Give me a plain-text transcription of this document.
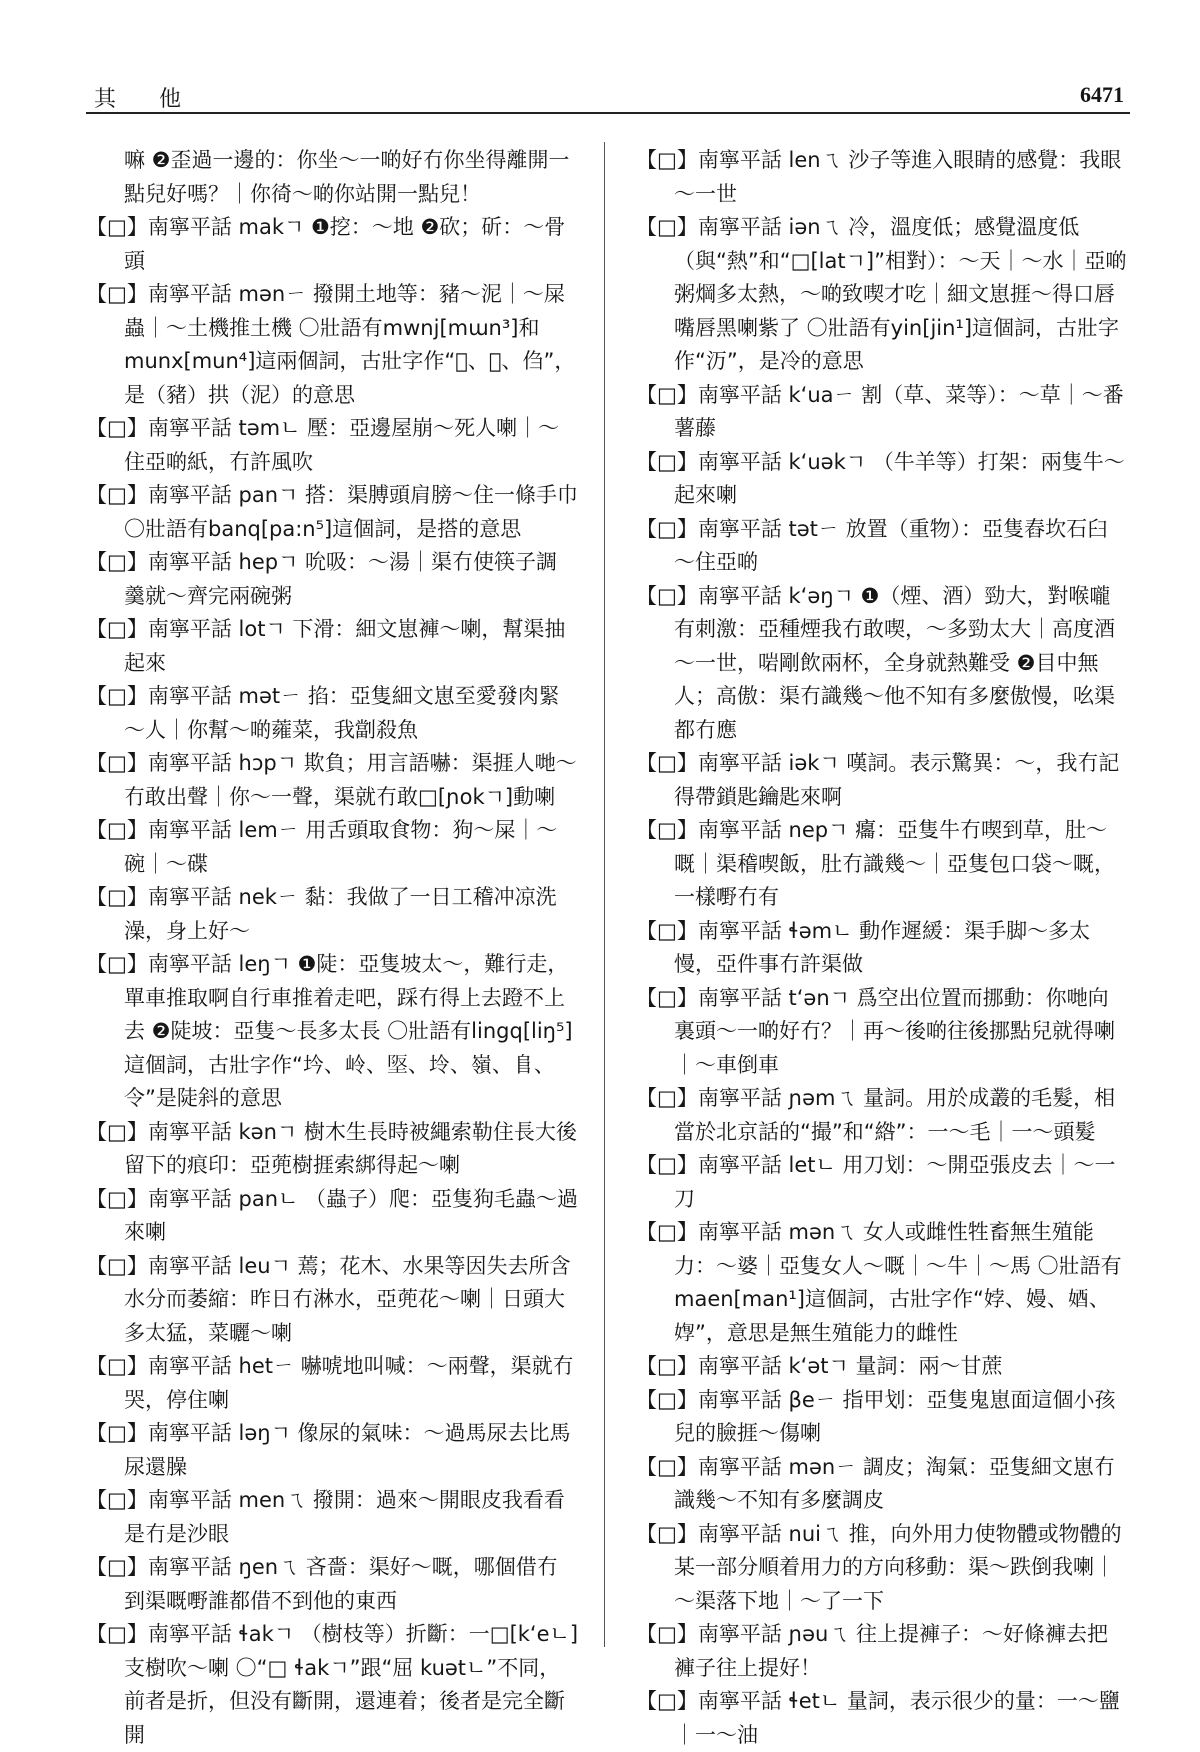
其 他	6471
嘛 ❷歪過一邊的：你坐～一啲好冇你坐得離開一點兒好嗎？｜你徛～啲你站開一點兒！
【□】南寧平話 makㄱ ❶挖：～地 ❷砍；斫：～骨頭
【□】南寧平話 mənㄧ 撥開土地等：豬～泥｜～屎蟲｜～土機推土機 〇壯語有mwnj[mɯn³]和munx[mun⁴]這兩個詞，古壯字作“𬚊、𫬋、㑇”，是（豬）拱（泥）的意思
【□】南寧平話 təmㄴ 壓：亞邊屋崩～死人喇｜～住亞啲紙，冇許風吹
【□】南寧平話 panㄱ 搭：渠膊頭肩膀～住一條手巾 〇壯語有banq[pa:n⁵]這個詞，是搭的意思
【□】南寧平話 hepㄱ 吮吸：～湯｜渠冇使筷子調羹就～齊完兩碗粥
【□】南寧平話 lotㄱ 下滑：細文崽褲～喇，幫渠抽起來
【□】南寧平話 mətㄧ 掐：亞隻細文崽至愛發肉緊～人｜你幫～啲蕹菜，我劏殺魚
【□】南寧平話 hɔpㄱ 欺負；用言語嚇：渠捱人哋～冇敢出聲｜你～一聲，渠就冇敢□[ɲokㄱ]動喇
【□】南寧平話 lemㄧ 用舌頭取食物：狗～屎｜～碗｜～碟
【□】南寧平話 nekㄧ 黏：我做了一日工稽冲凉洗澡，身上好～
【□】南寧平話 leŋㄱ ❶陡：亞隻坡太～，難行走，單車推取啊自行車推着走吧，踩冇得上去蹬不上去 ❷陡坡：亞隻～長多太長 〇壯語有lingq[liŋ⁵]這個詞，古壯字作“坅、岭、𡋴、坽、嶺、𨸏、令”是陡斜的意思
【□】南寧平話 kənㄱ 樹木生長時被繩索勒住長大後留下的痕印：亞蔸樹捱索綁得起～喇
【□】南寧平話 panㄴ （蟲子）爬：亞隻狗毛蟲～過來喇
【□】南寧平話 leuㄱ 蔫；花木、水果等因失去所含水分而萎縮：昨日冇淋水，亞蔸花～喇｜日頭大多太猛，菜曬～喇
【□】南寧平話 hetㄧ 嚇唬地叫喊：～兩聲，渠就冇哭，停住喇
【□】南寧平話 ləŋㄱ 像尿的氣味：～過馬尿去比馬尿還臊
【□】南寧平話 menㄟ 撥開：過來～開眼皮我看看是冇是沙眼
【□】南寧平話 ŋenㄟ 吝嗇：渠好～嘅，哪個借冇到渠嘅嘢誰都借不到他的東西
【□】南寧平話 ɬakㄱ （樹枝等）折斷：一□[kʻeㄴ]支樹吹～喇 〇“□ ɬakㄱ”跟“屈 kuətㄴ”不同，前者是折，但没有斷開，還連着；後者是完全斷開
【□】南寧平話 lenㄟ 沙子等進入眼睛的感覺：我眼～一世
【□】南寧平話 iənㄟ 冷，溫度低；感覺溫度低（與“熱”和“□[latㄱ]”相對）：～天｜～水｜亞啲粥焵多太熱，～啲致喫才吃｜細文崽捱～得口唇嘴唇黑喇紫了 〇壯語有yin[jin¹]這個詞，古壯字作“𬇕”，是冷的意思
【□】南寧平話 kʻuaㄧ 割（草、菜等）：～草｜～番薯藤
【□】南寧平話 kʻuəkㄱ （牛羊等）打架：兩隻牛～起來喇
【□】南寧平話 tətㄧ 放置（重物）：亞隻舂坎石臼～住亞啲
【□】南寧平話 kʻəŋㄱ ❶（煙、酒）勁大，對喉嚨有刺激：亞種煙我冇敢喫，～多勁太大｜高度酒～一世，啱剛飲兩杯，全身就熱難受 ❷目中無人；高傲：渠冇識幾～他不知有多麼傲慢，吆渠都冇應
【□】南寧平話 iəkㄱ 嘆詞。表示驚異：～，我冇記得帶鎖匙鑰匙來啊
【□】南寧平話 nepㄱ 癟：亞隻牛冇喫到草，肚～嘅｜渠稽喫飯，肚冇識幾～｜亞隻包口袋～嘅，一樣嘢冇有
【□】南寧平話 ɬəmㄴ 動作遲緩：渠手脚～多太慢，亞件事冇許渠做
【□】南寧平話 tʻənㄱ 爲空出位置而挪動：你哋向裏頭～一啲好冇？｜再～後啲往後挪點兒就得喇｜～車倒車
【□】南寧平話 ɲəmㄟ 量詞。用於成叢的毛髮，相當於北京話的“撮”和“綹”：一～毛｜一～頭髮
【□】南寧平話 letㄴ 用刀划：～開亞張皮去｜～一刀
【□】南寧平話 mənㄟ 女人或雌性牲畜無生殖能力：～婆｜亞隻女人～嘅｜～牛｜～馬 〇壯語有maen[man¹]這個詞，古壯字作“㛘、嫚、𡜳、𡞦”，意思是無生殖能力的雌性
【□】南寧平話 kʻətㄱ 量詞：兩～甘蔗
【□】南寧平話 βeㄧ 指甲划：亞隻鬼崽面這個小孩兒的臉捱～傷喇
【□】南寧平話 mənㄧ 調皮；淘氣：亞隻細文崽冇識幾～不知有多麼調皮
【□】南寧平話 nuiㄟ 推，向外用力使物體或物體的某一部分順着用力的方向移動：渠～跌倒我喇｜～渠落下地｜～了一下
【□】南寧平話 ɲəuㄟ 往上提褲子：～好條褲去把褲子往上提好！
【□】南寧平話 ɬetㄴ 量詞，表示很少的量：一～鹽｜一～油
